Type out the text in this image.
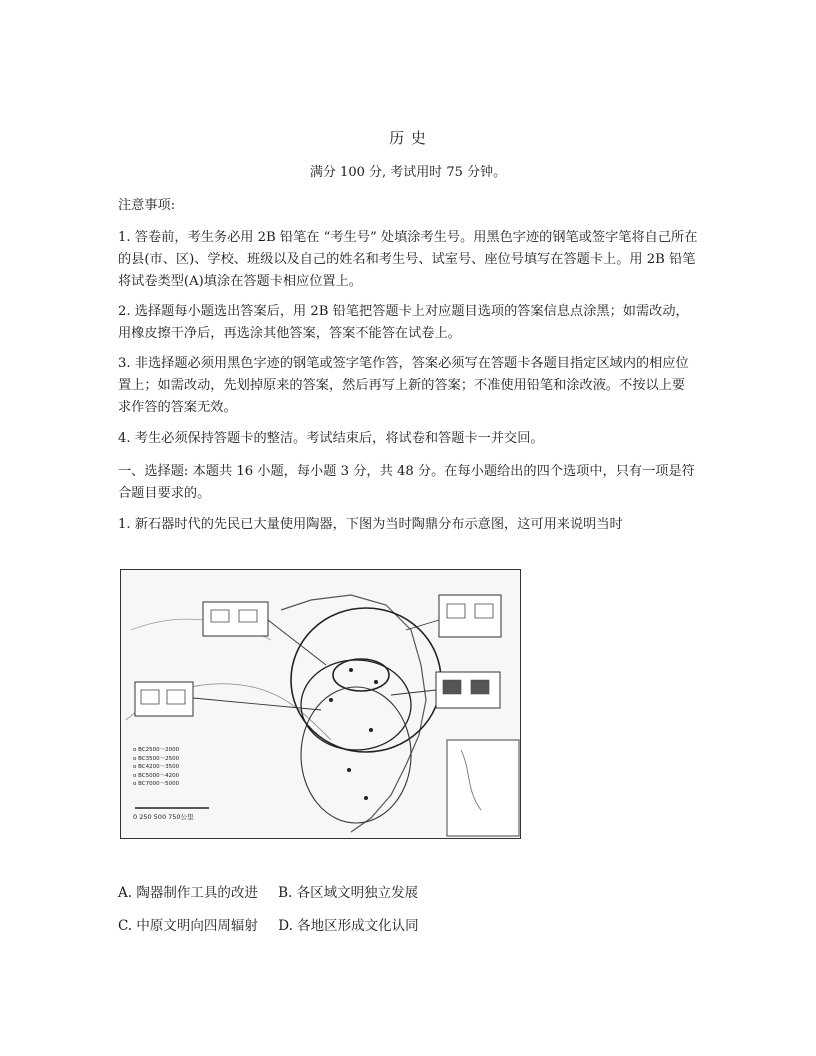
历 史
满分 100 分, 考试用时 75 分钟。
注意事项:
1. 答卷前，考生务必用 2B 铅笔在 “考生号” 处填涂考生号。用黑色字迹的钢笔或签字笔将自己所在的县(市、区)、学校、班级以及自己的姓名和考生号、试室号、座位号填写在答题卡上。用 2B 铅笔将试卷类型(A)填涂在答题卡相应位置上。
2. 选择题每小题选出答案后，用 2B 铅笔把答题卡上对应题目选项的答案信息点涂黑；如需改动，用橡皮擦干净后，再选涂其他答案，答案不能答在试卷上。
3. 非选择题必须用黑色字迹的钢笔或签字笔作答，答案必须写在答题卡各题目指定区域内的相应位置上；如需改动，先划掉原来的答案，然后再写上新的答案；不准使用铅笔和涂改液。不按以上要求作答的答案无效。
4. 考生必须保持答题卡的整洁。考试结束后，将试卷和答题卡一并交回。
一、选择题: 本题共 16 小题，每小题 3 分，共 48 分。在每小题给出的四个选项中，只有一项是符合题目要求的。
1. 新石器时代的先民已大量使用陶器，下图为当时陶鼎分布示意图，这可用来说明当时
o BC2500～2000
o BC3500～2500
o BC4200～3500
o BC5000～4200
o BC7000～5000
0 250 500 750公里
A. 陶器制作工具的改进 B. 各区域文明独立发展
C. 中原文明向四周辐射 D. 各地区形成文化认同
